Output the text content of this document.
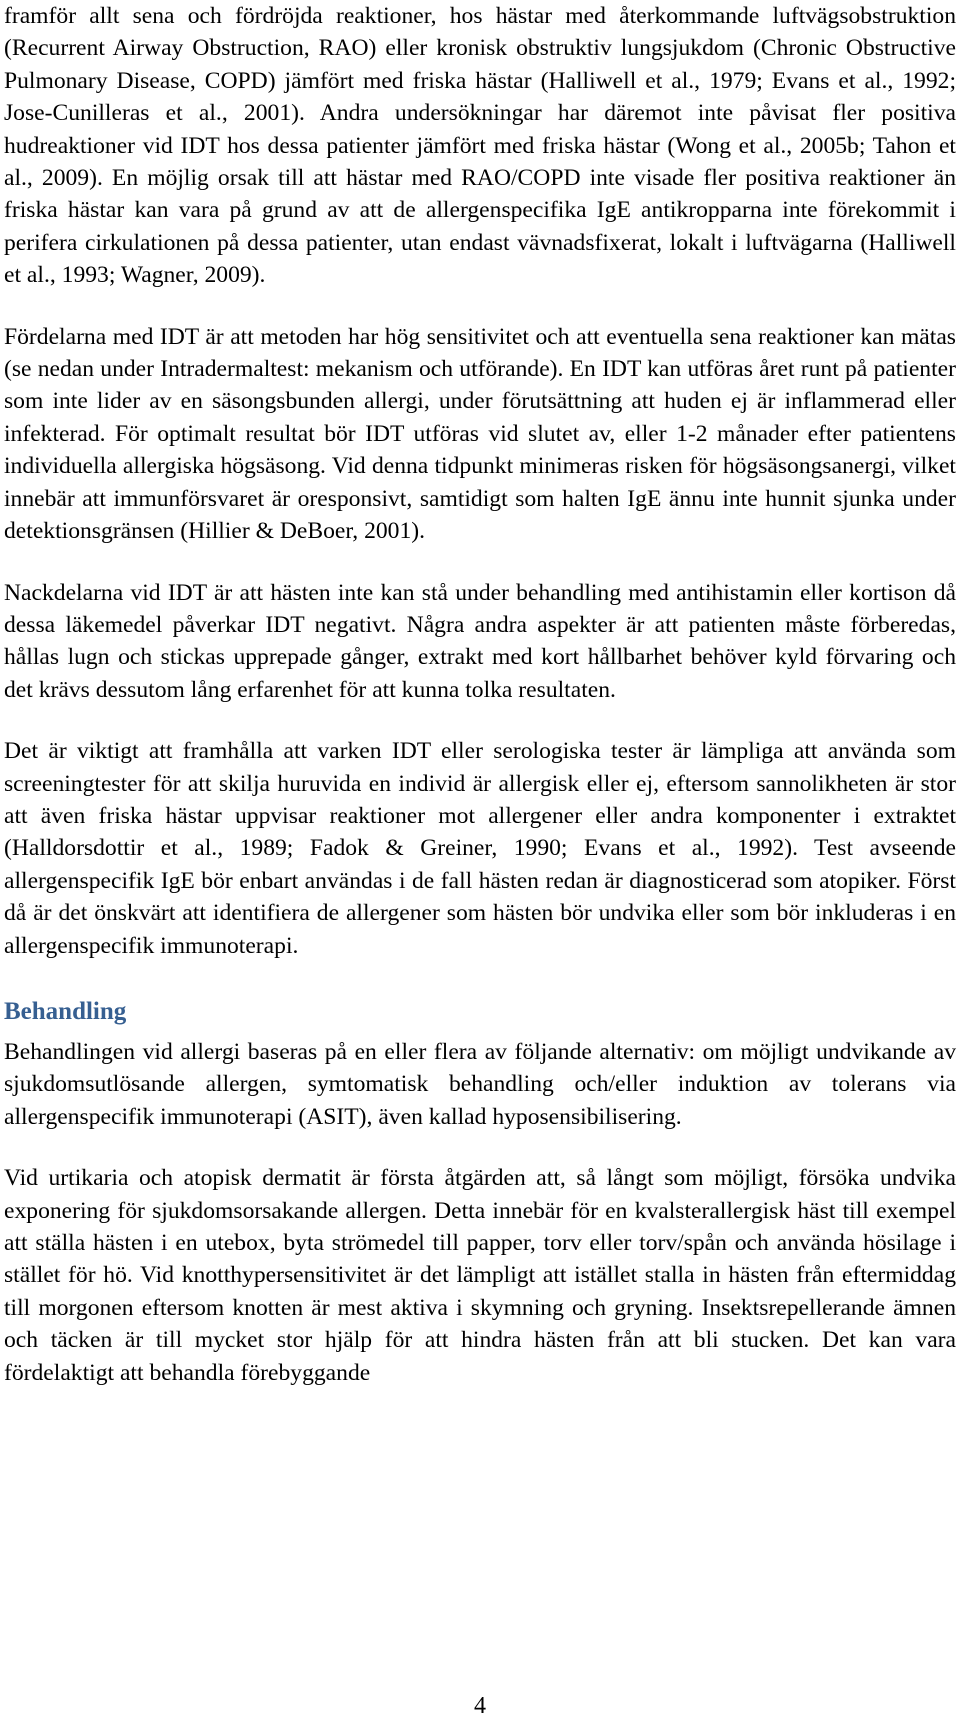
framför allt sena och fördröjda reaktioner, hos hästar med återkommande luftvägsobstruktion (Recurrent Airway Obstruction, RAO) eller kronisk obstruktiv lungsjukdom (Chronic Obstructive Pulmonary Disease, COPD) jämfört med friska hästar (Halliwell et al., 1979; Evans et al., 1992; Jose-Cunilleras et al., 2001). Andra undersökningar har däremot inte påvisat fler positiva hudreaktioner vid IDT hos dessa patienter jämfört med friska hästar (Wong et al., 2005b; Tahon et al., 2009). En möjlig orsak till att hästar med RAO/COPD inte visade fler positiva reaktioner än friska hästar kan vara på grund av att de allergenspecifika IgE antikropparna inte förekommit i perifera cirkulationen på dessa patienter, utan endast vävnadsfixerat, lokalt i luftvägarna (Halliwell et al., 1993; Wagner, 2009).

Fördelarna med IDT är att metoden har hög sensitivitet och att eventuella sena reaktioner kan mätas (se nedan under Intradermaltest: mekanism och utförande). En IDT kan utföras året runt på patienter som inte lider av en säsongsbunden allergi, under förutsättning att huden ej är inflammerad eller infekterad. För optimalt resultat bör IDT utföras vid slutet av, eller 1-2 månader efter patientens individuella allergiska högsäsong. Vid denna tidpunkt minimeras risken för högsäsongsanergi, vilket innebär att immunförsvaret är oresponsivt, samtidigt som halten IgE ännu inte hunnit sjunka under detektionsgränsen (Hillier & DeBoer, 2001).

Nackdelarna vid IDT är att hästen inte kan stå under behandling med antihistamin eller kortison då dessa läkemedel påverkar IDT negativt. Några andra aspekter är att patienten måste förberedas, hållas lugn och stickas upprepade gånger, extrakt med kort hållbarhet behöver kyld förvaring och det krävs dessutom lång erfarenhet för att kunna tolka resultaten.

Det är viktigt att framhålla att varken IDT eller serologiska tester är lämpliga att använda som screeningtester för att skilja huruvida en individ är allergisk eller ej, eftersom sannolikheten är stor att även friska hästar uppvisar reaktioner mot allergener eller andra komponenter i extraktet (Halldorsdottir et al., 1989; Fadok & Greiner, 1990; Evans et al., 1992). Test avseende allergenspecifik IgE bör enbart användas i de fall hästen redan är diagnosticerad som atopiker. Först då är det önskvärt att identifiera de allergener som hästen bör undvika eller som bör inkluderas i en allergenspecifik immunoterapi.

Behandling

Behandlingen vid allergi baseras på en eller flera av följande alternativ: om möjligt undvikande av sjukdomsutlösande allergen, symtomatisk behandling och/eller induktion av tolerans via allergenspecifik immunoterapi (ASIT), även kallad hyposensibilisering.

Vid urtikaria och atopisk dermatit är första åtgärden att, så långt som möjligt, försöka undvika exponering för sjukdomsorsakande allergen. Detta innebär för en kvalsterallergisk häst till exempel att ställa hästen i en utebox, byta strömedel till papper, torv eller torv/spån och använda hösilage i stället för hö. Vid knotthypersensitivitet är det lämpligt att istället stalla in hästen från eftermiddag till morgonen eftersom knotten är mest aktiva i skymning och gryning. Insektsrepellerande ämnen och täcken är till mycket stor hjälp för att hindra hästen från att bli stucken. Det kan vara fördelaktigt att behandla förebyggande

4
